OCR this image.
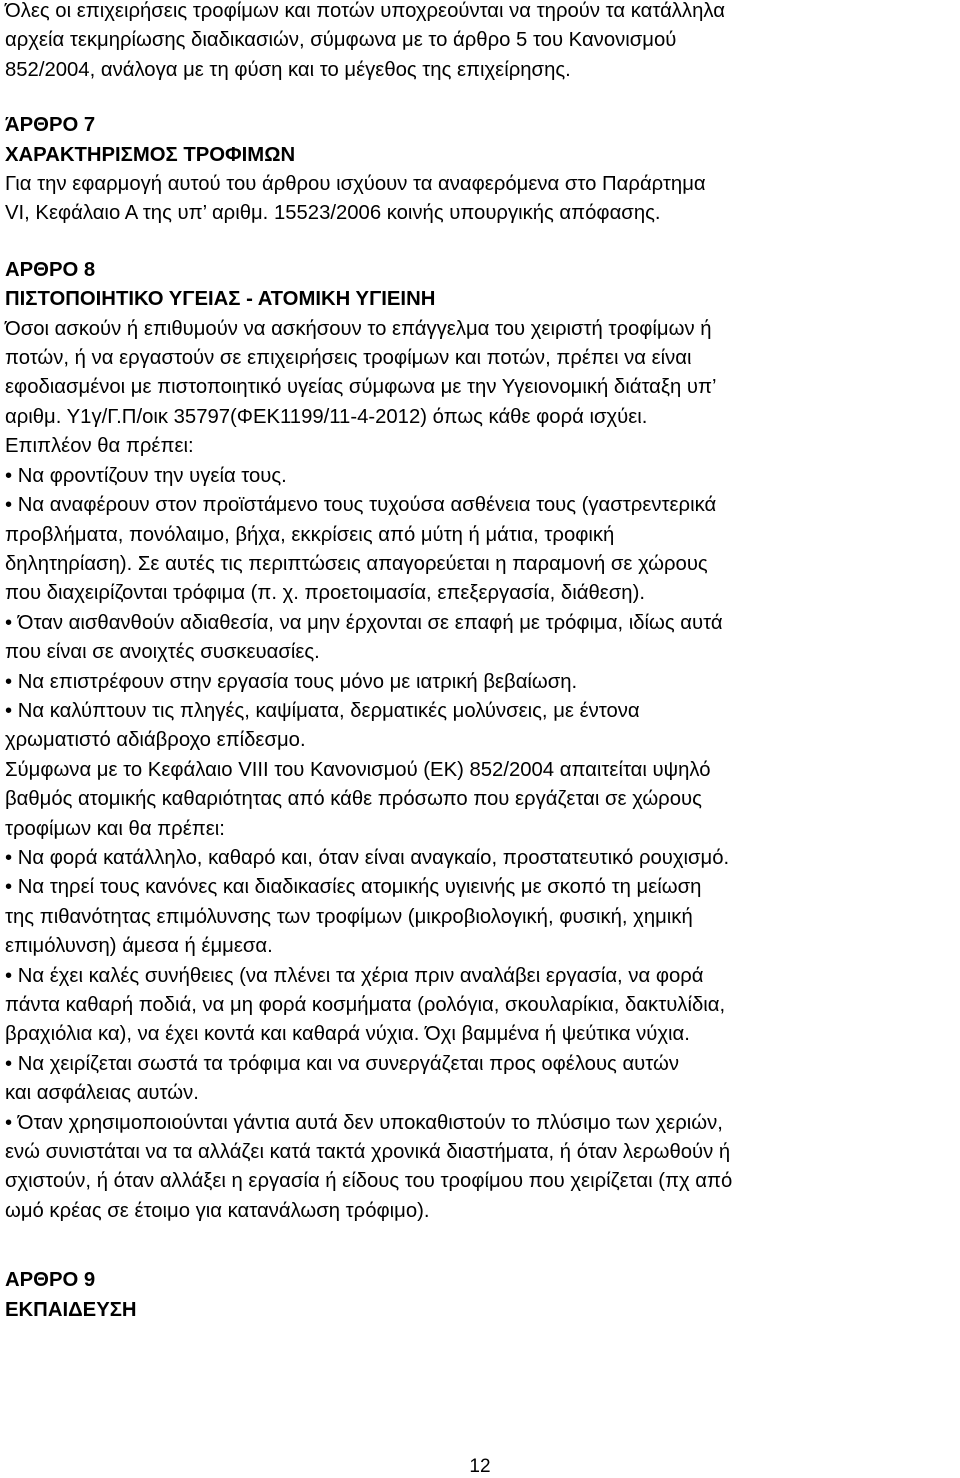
Όλες οι επιχειρήσεις τροφίμων και ποτών υποχρεούνται να τηρούν τα κατάλληλα
αρχεία τεκμηρίωσης διαδικασιών, σύμφωνα με το άρθρο 5 του Κανονισμού
852/2004, ανάλογα με τη φύση και το μέγεθος της επιχείρησης.
ΆΡΘΡΟ 7
ΧΑΡΑΚΤΗΡΙΣΜΟΣ ΤΡΟΦΙΜΩΝ
Για την εφαρμογή αυτού του άρθρου ισχύουν τα αναφερόμενα στο Παράρτημα
VI, Κεφάλαιο Α της υπ’ αριθμ. 15523/2006 κοινής υπουργικής απόφασης.
ΑΡΘΡΟ 8
ΠΙΣΤΟΠΟΙΗΤΙΚΟ ΥΓΕΙΑΣ - ΑΤΟΜΙΚΗ ΥΓΙΕΙΝΗ
Όσοι ασκούν ή επιθυμούν να ασκήσουν το επάγγελμα του χειριστή τροφίμων ή
ποτών, ή να εργαστούν σε επιχειρήσεις τροφίμων και ποτών, πρέπει να είναι
εφοδιασμένοι με πιστοποιητικό υγείας σύμφωνα με την Υγειονομική διάταξη υπ’
αριθμ. Υ1γ/Γ.Π/οικ 35797(ΦΕΚ1199/11-4-2012) όπως κάθε φορά ισχύει.
Επιπλέον θα πρέπει:
• Να φροντίζουν την υγεία τους.
• Να αναφέρουν στον προϊστάμενο τους τυχούσα ασθένεια τους (γαστρεντερικά
προβλήματα, πονόλαιμο, βήχα, εκκρίσεις από μύτη ή μάτια, τροφική
δηλητηρίαση). Σε αυτές τις περιπτώσεις απαγορεύεται η παραμονή σε χώρους
που διαχειρίζονται τρόφιμα (π. χ. προετοιμασία, επεξεργασία, διάθεση).
• Όταν αισθανθούν αδιαθεσία, να μην έρχονται σε επαφή με τρόφιμα, ιδίως αυτά
που είναι σε ανοιχτές συσκευασίες.
• Να επιστρέφουν στην εργασία τους μόνο με ιατρική βεβαίωση.
• Να καλύπτουν τις πληγές, καψίματα, δερματικές μολύνσεις, με έντονα
χρωματιστό αδιάβροχο επίδεσμο.
Σύμφωνα με το Κεφάλαιο VIII του Κανονισμού (ΕΚ) 852/2004 απαιτείται υψηλό
βαθμός ατομικής καθαριότητας από κάθε πρόσωπο που εργάζεται σε χώρους
τροφίμων και θα πρέπει:
• Να φορά κατάλληλο, καθαρό και, όταν είναι αναγκαίο, προστατευτικό ρουχισμό.
• Να τηρεί τους κανόνες και διαδικασίες ατομικής υγιεινής με σκοπό τη μείωση
της πιθανότητας επιμόλυνσης των τροφίμων (μικροβιολογική, φυσική, χημική
επιμόλυνση) άμεσα ή έμμεσα.
• Να έχει καλές συνήθειες (να πλένει τα χέρια πριν αναλάβει εργασία, να φορά
πάντα καθαρή ποδιά, να μη φορά κοσμήματα (ρολόγια, σκουλαρίκια, δακτυλίδια,
βραχιόλια κα), να έχει κοντά και καθαρά νύχια. Όχι βαμμένα ή ψεύτικα νύχια.
• Να χειρίζεται σωστά τα τρόφιμα και να συνεργάζεται προς οφέλους αυτών
και ασφάλειας αυτών.
• Όταν χρησιμοποιούνται γάντια αυτά δεν υποκαθιστούν το πλύσιμο των χεριών,
ενώ συνιστάται να τα αλλάζει κατά τακτά χρονικά διαστήματα, ή όταν λερωθούν ή
σχιστούν, ή όταν αλλάξει η εργασία ή είδους του τροφίμου που χειρίζεται (πχ από
ωμό κρέας σε έτοιμο για κατανάλωση τρόφιμο).
ΑΡΘΡΟ 9
ΕΚΠΑΙΔΕΥΣΗ
12
